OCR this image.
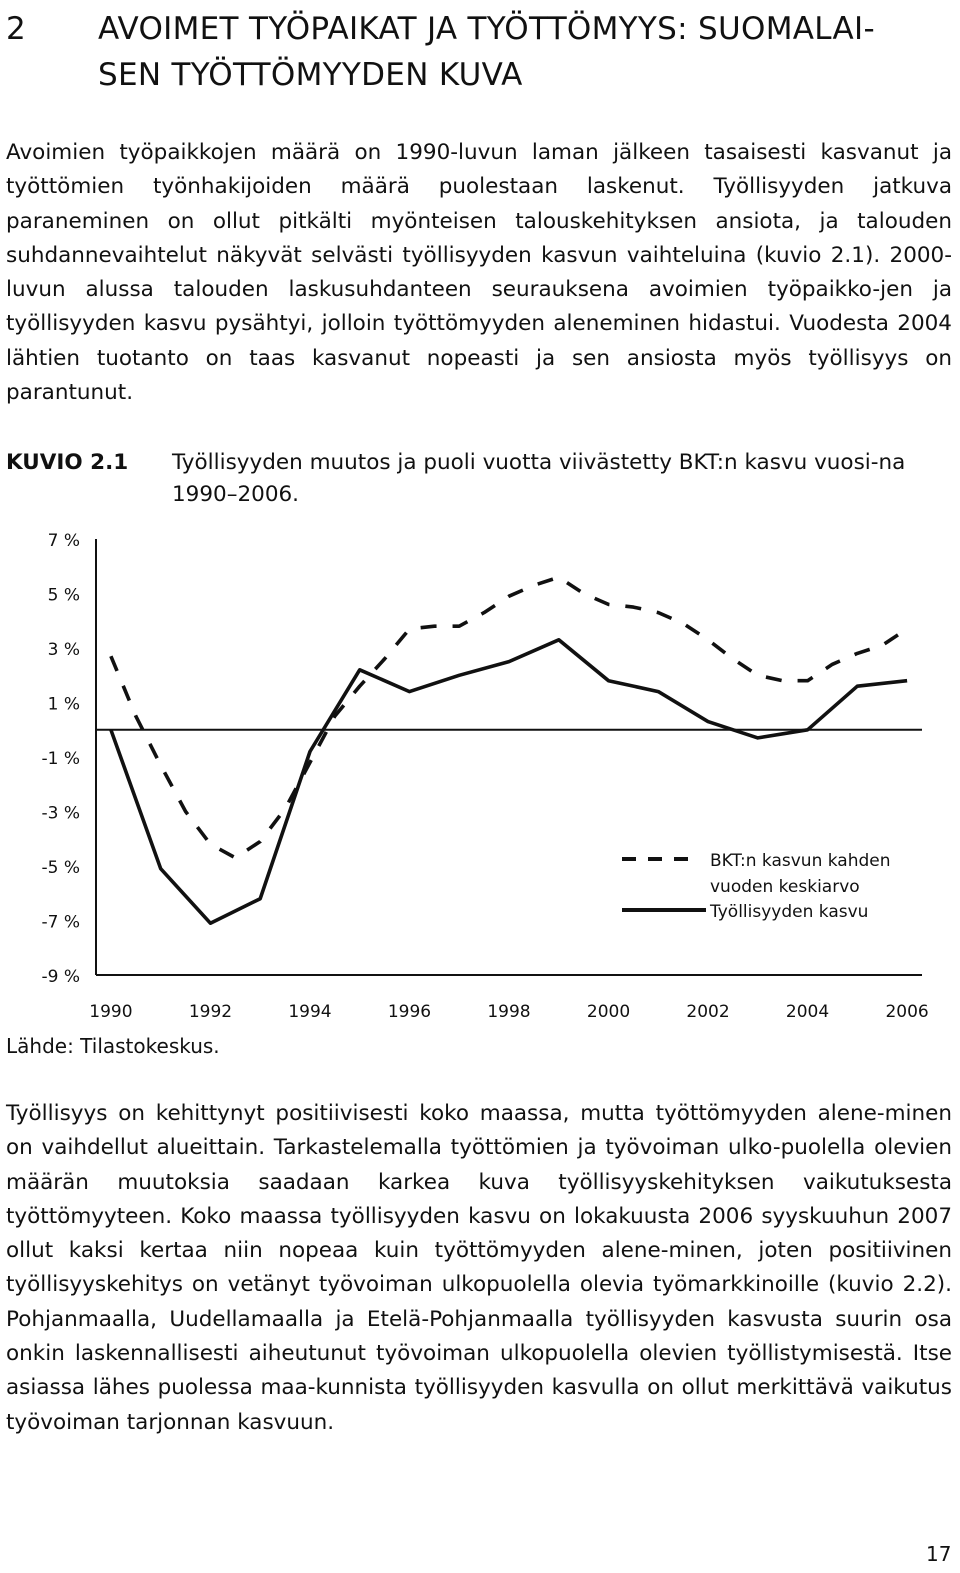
2 AVOIMET TYÖPAIKAT JA TYÖTTÖMYYS: SUOMALAI-SEN TYÖTTÖMYYDEN KUVA
Avoimien työpaikkojen määrä on 1990-luvun laman jälkeen tasaisesti kasvanut ja työttömien työnhakijoiden määrä puolestaan laskenut. Työllisyyden jatkuva paraneminen on ollut pitkälti myönteisen talouskehityksen ansiota, ja talouden suhdannevaihtelut näkyvät selvästi työllisyyden kasvun vaihteluina (kuvio 2.1). 2000-luvun alussa talouden laskusuhdanteen seurauksena avoimien työpaikko-jen ja työllisyyden kasvu pysähtyi, jolloin työttömyyden aleneminen hidastui. Vuodesta 2004 lähtien tuotanto on taas kasvanut nopeasti ja sen ansiosta myös työllisyys on parantunut.
KUVIO 2.1 Työllisyyden muutos ja puoli vuotta viivästetty BKT:n kasvu vuosi-na 1990–2006.
7 %
5 %
3 %
1 %
-1 %
-3 %
-5 %
-7 %
-9 %
1990	1992	1994	1996	1998	2000	2002	2004	2006
BKT:n kasvun kahden
vuoden keskiarvo
Työllisyyden kasvu
Lähde: Tilastokeskus.
Työllisyys on kehittynyt positiivisesti koko maassa, mutta työttömyyden alene-minen on vaihdellut alueittain. Tarkastelemalla työttömien ja työvoiman ulko-puolella olevien määrän muutoksia saadaan karkea kuva työllisyyskehityksen vaikutuksesta työttömyyteen. Koko maassa työllisyyden kasvu on lokakuusta 2006 syyskuuhun 2007 ollut kaksi kertaa niin nopeaa kuin työttömyyden alene-minen, joten positiivinen työllisyyskehitys on vetänyt työvoiman ulkopuolella olevia työmarkkinoille (kuvio 2.2). Pohjanmaalla, Uudellamaalla ja Etelä-Pohjanmaalla työllisyyden kasvusta suurin osa onkin laskennallisesti aiheutunut työvoiman ulkopuolella olevien työllistymisestä. Itse asiassa lähes puolessa maa-kunnista työllisyyden kasvulla on ollut merkittävä vaikutus työvoiman tarjonnan kasvuun.
17
